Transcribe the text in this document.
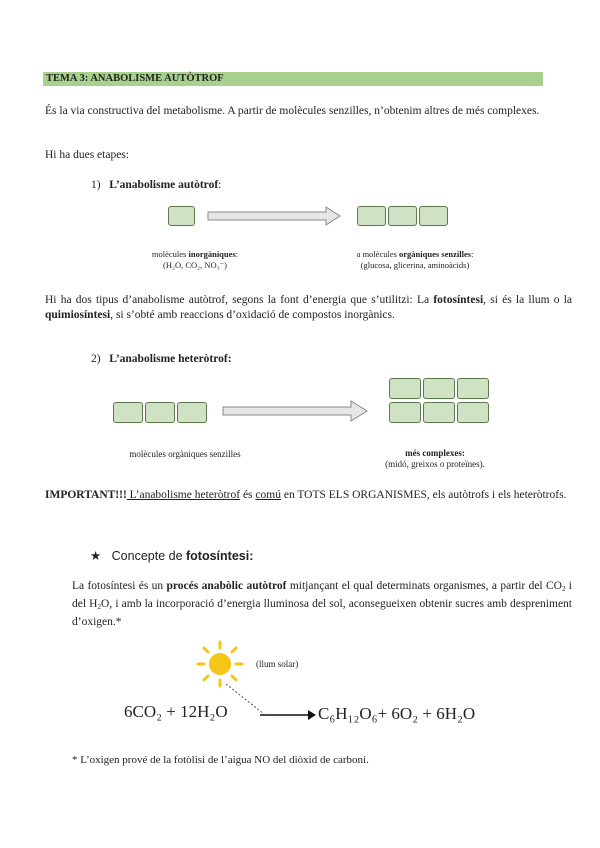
TEMA 3: ANABOLISME AUTÒTROF
És la via constructiva del metabolisme. A partir de molècules senzilles, n’obtenim altres de més complexes.
Hi ha dues etapes:
1) L’anabolisme autòtrof:
molècules inorgàniques:
(H₂O, CO₂, NO₃⁻)
a molècules orgàniques senzilles:
(glucosa, glicerina, aminoàcids)
Hi ha dos tipus d’anabolisme autòtrof, segons la font d’energia que s’utilitzi: La fotosíntesi, si és la llum o la quimiosíntesi, si s’obté amb reaccions d’oxidació de compostos inorgànics.
2) L’anabolisme heteròtrof:
molècules orgàniques senzilles	més complexes:
(midó, greixos o proteïnes).
IMPORTANT!!! L’anabolisme heteròtrof és comú en TOTS ELS ORGANISMES, els autòtrofs i els heteròtrofs.
★ Concepte de fotosíntesi:
La fotosíntesi és un procés anabòlic autòtrof mitjançant el qual determinats organismes, a partir del $CO_2$ i del $H_2O$, i amb la incorporació d’energia lluminosa del sol, aconsegueixen obtenir sucres amb despreniment d’oxigen.*
(llum solar)
6CO₂ + 12H₂O → C₆H₁₂O₆+ 6O₂ + 6H₂O
* L’oxigen prové de la fotòlisi de l’aigua NO del diòxid de carboni.
